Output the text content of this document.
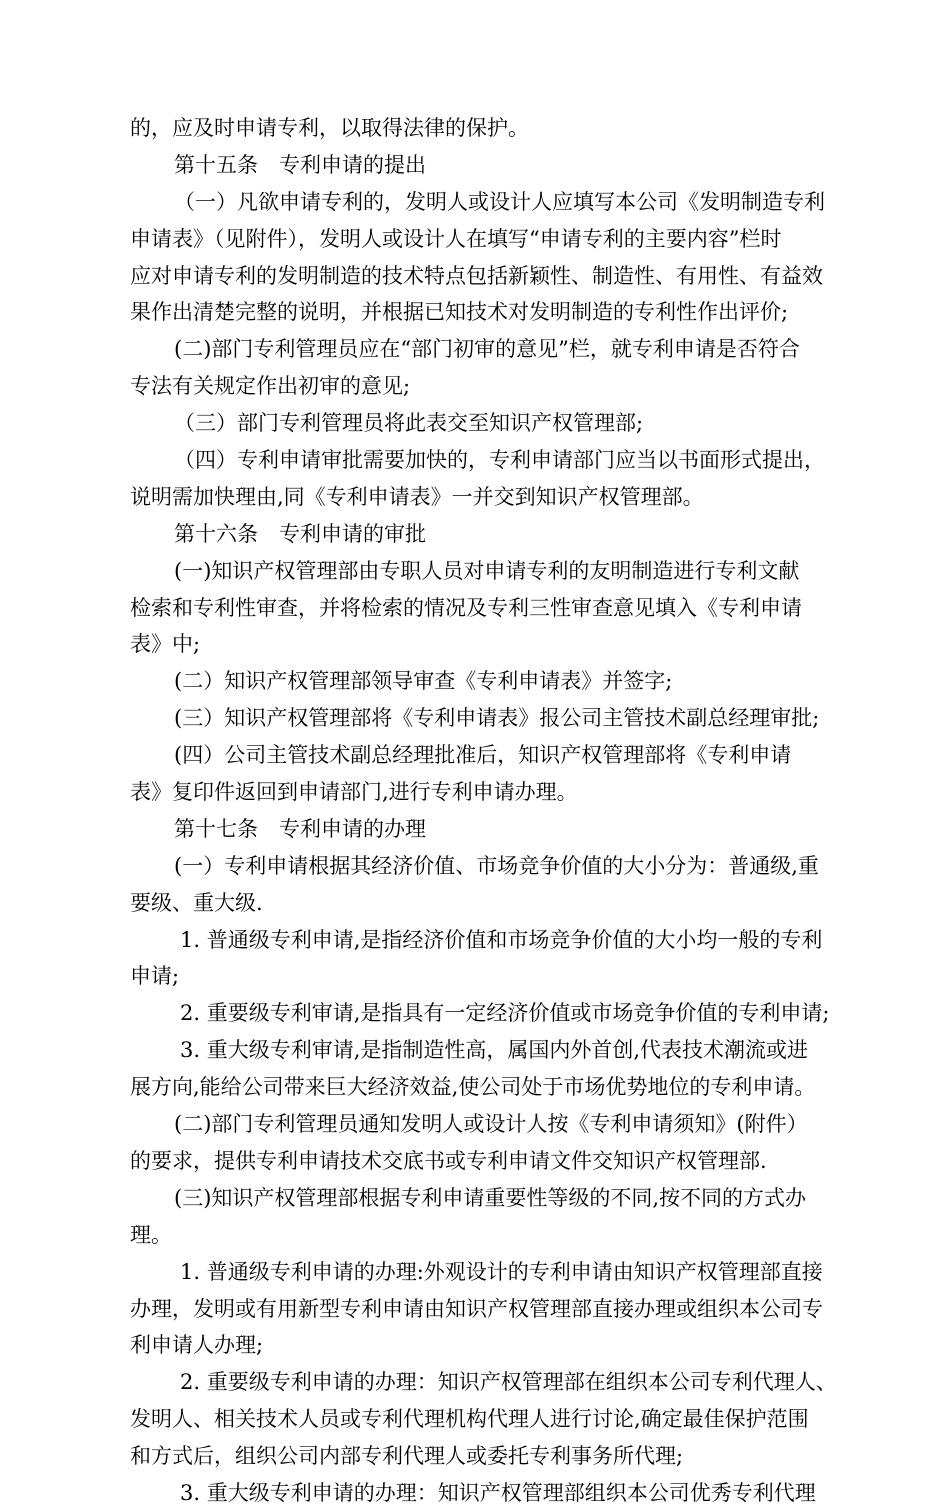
的，应及时申请专利，以取得法律的保护。
第十五条　专利申请的提出
（一）凡欲申请专利的，发明人或设计人应填写本公司《发明制造专利
申请表》（见附件），发明人或设计人在填写“申请专利的主要内容”栏时
应对申请专利的发明制造的技术特点包括新颖性、制造性、有用性、有益效
果作出清楚完整的说明，并根据已知技术对发明制造的专利性作出评价;
(二)部门专利管理员应在“部门初审的意见”栏，就专利申请是否符合
专法有关规定作出初审的意见;
（三）部门专利管理员将此表交至知识产权管理部;
（四）专利申请审批需要加快的，专利申请部门应当以书面形式提出，
说明需加快理由,同《专利申请表》一并交到知识产权管理部。
第十六条　专利申请的审批
(一)知识产权管理部由专职人员对申请专利的友明制造进行专利文献
检索和专利性审查，并将检索的情况及专利三性审查意见填入《专利申请
表》中;
(二）知识产权管理部领导审查《专利申请表》并签字;
(三）知识产权管理部将《专利申请表》报公司主管技术副总经理审批;
(四）公司主管技术副总经理批准后，知识产权管理部将《专利申请
表》复印件返回到申请部门,进行专利申请办理。
第十七条　专利申请的办理
(一）专利申请根据其经济价值、市场竞争价值的大小分为：普通级,重
要级、重大级.
1. 普通级专利申请,是指经济价值和市场竞争价值的大小均一般的专利
申请;
2. 重要级专利审请,是指具有一定经济价值或市场竞争价值的专利申请;
3. 重大级专利审请,是指制造性高，属国内外首创,代表技术潮流或进
展方向,能给公司带来巨大经济效益,使公司处于市场优势地位的专利申请。
(二)部门专利管理员通知发明人或设计人按《专利申请须知》(附件）
的要求，提供专利申请技术交底书或专利申请文件交知识产权管理部.
(三)知识产权管理部根据专利申请重要性等级的不同,按不同的方式办
理。
1. 普通级专利申请的办理:外观设计的专利申请由知识产权管理部直接
办理，发明或有用新型专利申请由知识产权管理部直接办理或组织本公司专
利申请人办理;
2. 重要级专利申请的办理：知识产权管理部在组织本公司专利代理人、
发明人、相关技术人员或专利代理机构代理人进行讨论,确定最佳保护范围
和方式后，组织公司内部专利代理人或委托专利事务所代理;
3. 重大级专利申请的办理：知识产权管理部组织本公司优秀专利代理
